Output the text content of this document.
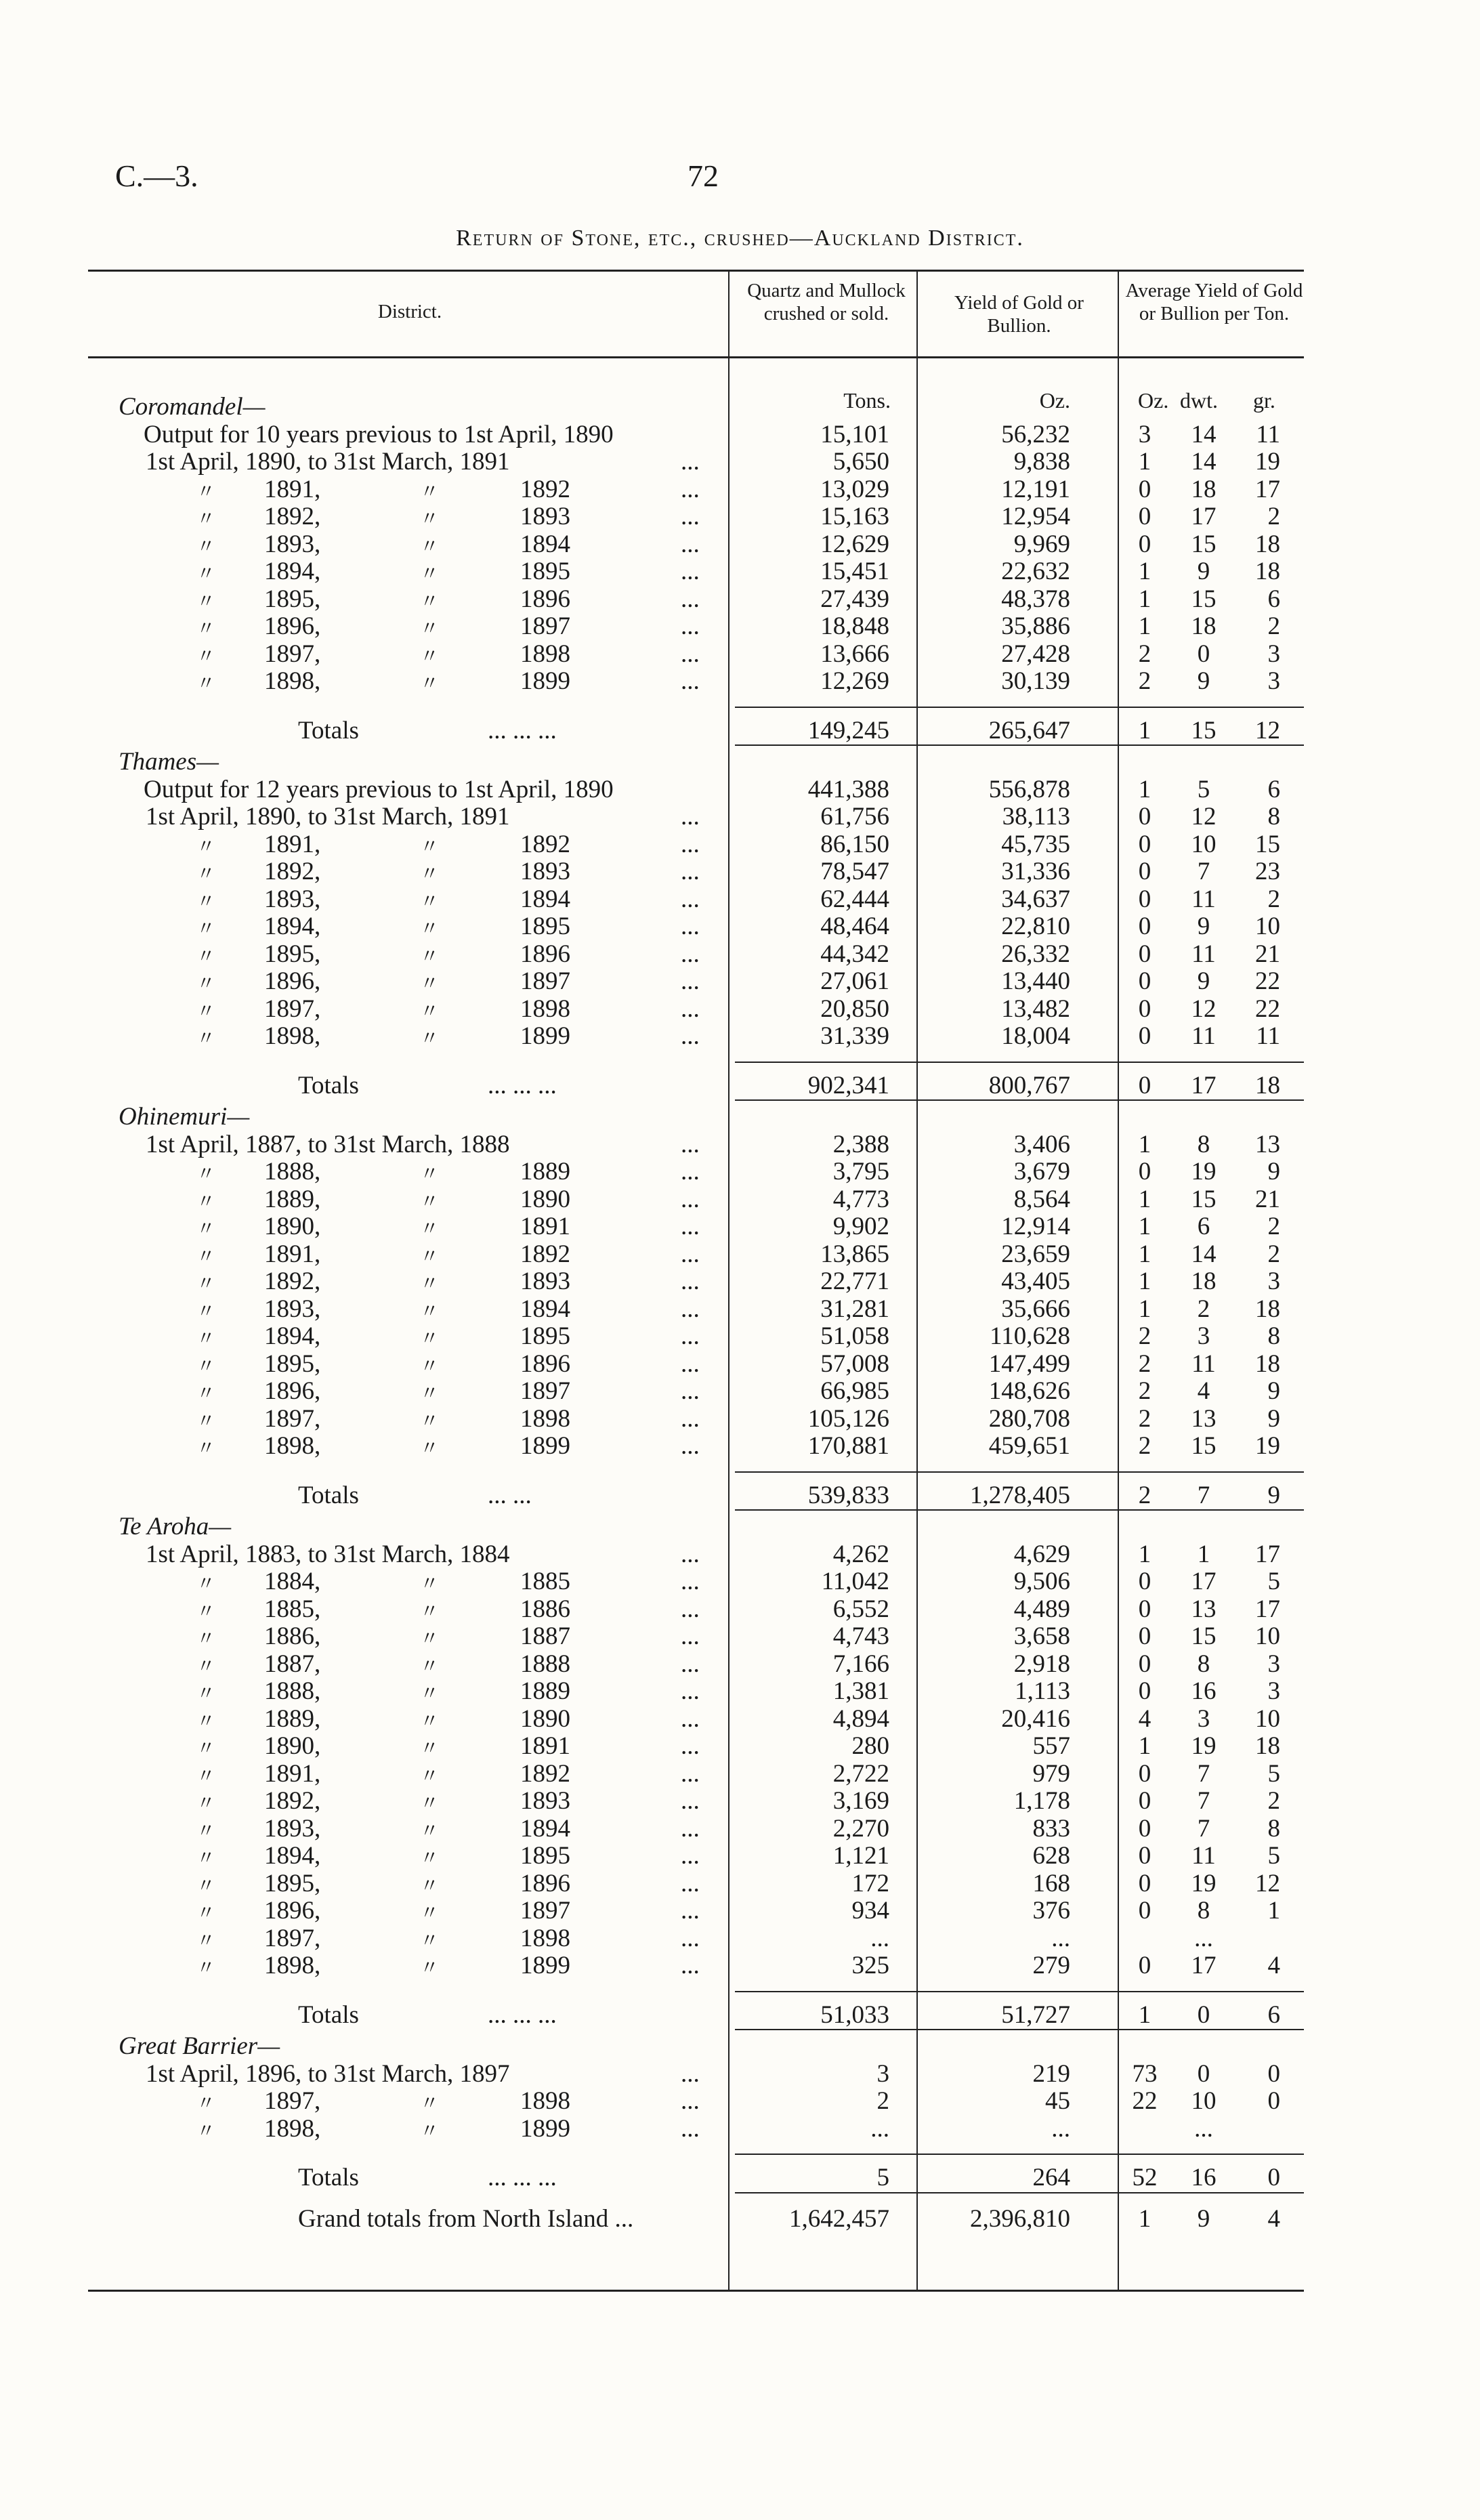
C.—3.	72
Return of Stone, etc., crushed—Auckland District.
District.
Quartz and Mullock crushed or sold.	Yield of Gold or Bullion.
Average Yield of Gold or Bullion per Ton.
Tons.	Oz.	Oz. dwt. gr.
Coromandel—
Output for 10 years previous to 1st April, 1890	15,101	56,232	3	14	11
1st April, 1890, to 31st March, 1891	...	5,650	9,838	1	14	19
〃 1891,	〃	1892	...	13,029	12,191	0	18	17
〃 1892,	〃	1893	...	15,163	12,954	0	17	2
〃 1893,	〃	1894	...	12,629	9,969	0	15	18
〃 1894,	〃	1895	...	15,451	22,632	1	9	18
〃 1895,	〃	1896	...	27,439	48,378	1	15	6
〃 1896,	〃	1897	...	18,848	35,886	1	18	2
〃 1897,	〃	1898	...	13,666	27,428	2	0	3
〃 1898,	〃	1899	...	12,269	30,139	2	9	3
Totals	... ... ...	149,245	265,647	1	15	12
Thames—
Output for 12 years previous to 1st April, 1890	441,388	556,878	1	5	6
1st April, 1890, to 31st March, 1891	...	61,756	38,113	0	12	8
〃 1891,	〃	1892	...	86,150	45,735	0	10	15
〃 1892,	〃	1893	...	78,547	31,336	0	7	23
〃 1893,	〃	1894	...	62,444	34,637	0	11	2
〃 1894,	〃	1895	...	48,464	22,810	0	9	10
〃 1895,	〃	1896	...	44,342	26,332	0	11	21
〃 1896,	〃	1897	...	27,061	13,440	0	9	22
〃 1897,	〃	1898	...	20,850	13,482	0	12	22
〃 1898,	〃	1899	...	31,339	18,004	0	11	11
Totals	... ... ...	902,341	800,767	0	17	18
Ohinemuri—
1st April, 1887, to 31st March, 1888	...	2,388	3,406	1	8	13
〃 1888,	〃	1889	...	3,795	3,679	0	19	9
〃 1889,	〃	1890	...	4,773	8,564	1	15	21
〃 1890,	〃	1891	...	9,902	12,914	1	6	2
〃 1891,	〃	1892	...	13,865	23,659	1	14	2
〃 1892,	〃	1893	...	22,771	43,405	1	18	3
〃 1893,	〃	1894	...	31,281	35,666	1	2	18
〃 1894,	〃	1895	...	51,058	110,628	2	3	8
〃 1895,	〃	1896	...	57,008	147,499	2	11	18
〃 1896,	〃	1897	...	66,985	148,626	2	4	9
〃 1897,	〃	1898	...	105,126	280,708	2	13	9
〃 1898,	〃	1899	...	170,881	459,651	2	15	19
Totals	... ...	539,833	1,278,405	2	7	9
Te Aroha—
1st April, 1883, to 31st March, 1884	...	4,262	4,629	1	1	17
〃 1884,	〃	1885	...	11,042	9,506	0	17	5
〃 1885,	〃	1886	...	6,552	4,489	0	13	17
〃 1886,	〃	1887	...	4,743	3,658	0	15	10
〃 1887,	〃	1888	...	7,166	2,918	0	8	3
〃 1888,	〃	1889	...	1,381	1,113	0	16	3
〃 1889,	〃	1890	...	4,894	20,416	4	3	10
〃 1890,	〃	1891	...	280	557	1	19	18
〃 1891,	〃	1892	...	2,722	979	0	7	5
〃 1892,	〃	1893	...	3,169	1,178	0	7	2
〃 1893,	〃	1894	...	2,270	833	0	7	8
〃 1894,	〃	1895	...	1,121	628	0	11	5
〃 1895,	〃	1896	...	172	168	0	19	12
〃 1896,	〃	1897	...	934	376	0	8	1
〃 1897,	〃	1898	...	...	...	...
〃 1898,	〃	1899	...	325	279	0	17	4
Totals	... ... ...	51,033	51,727	1	0	6
Great Barrier—
1st April, 1896, to 31st March, 1897	...	3	219	73	0	0
〃 1897,	〃	1898	...	2	45	22	10	0
〃 1898,	〃	1899	...	...	...	...
Totals	... ... ...	5	264	52	16	0
Grand totals from North Island ...	1,642,457	2,396,810	1	9	4
